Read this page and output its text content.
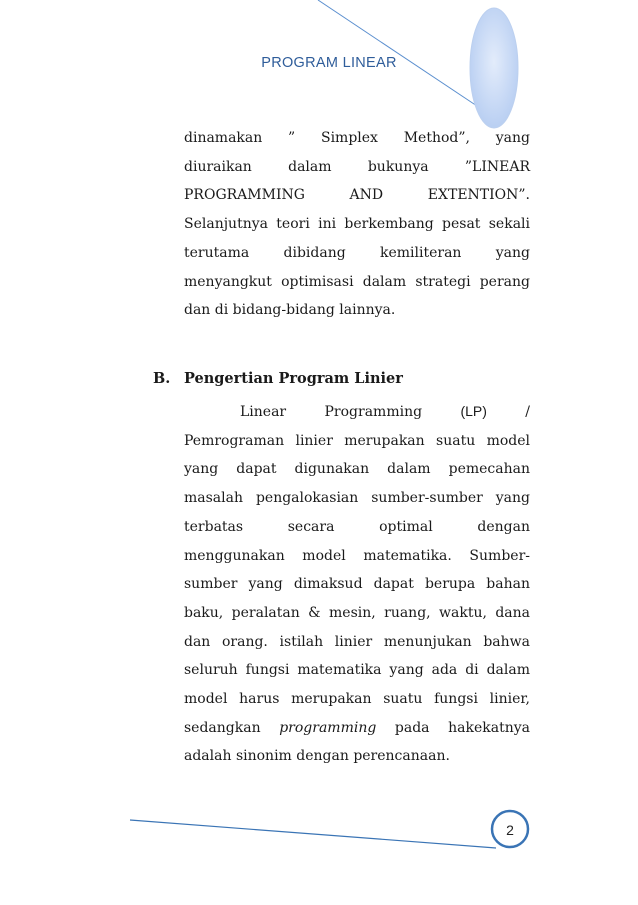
PROGRAM LINEAR
dinamakan ” Simplex Method”, yang
diuraikan dalam bukunya ”LINEAR
PROGRAMMING AND EXTENTION”.
Selanjutnya teori ini berkembang pesat sekali
terutama dibidang kemiliteran yang
menyangkut optimisasi dalam strategi perang
dan di bidang-bidang lainnya.
B. Pengertian Program Linier
Linear Programming (LP) /
Pemrograman linier merupakan suatu model
yang dapat digunakan dalam pemecahan
masalah pengalokasian sumber-sumber yang
terbatas secara optimal dengan
menggunakan model matematika. Sumber-
sumber yang dimaksud dapat berupa bahan
baku, peralatan & mesin, ruang, waktu, dana
dan orang. istilah linier menunjukan bahwa
seluruh fungsi matematika yang ada di dalam
model harus merupakan suatu fungsi linier,
sedangkan programming pada hakekatnya
adalah sinonim dengan perencanaan.
2
